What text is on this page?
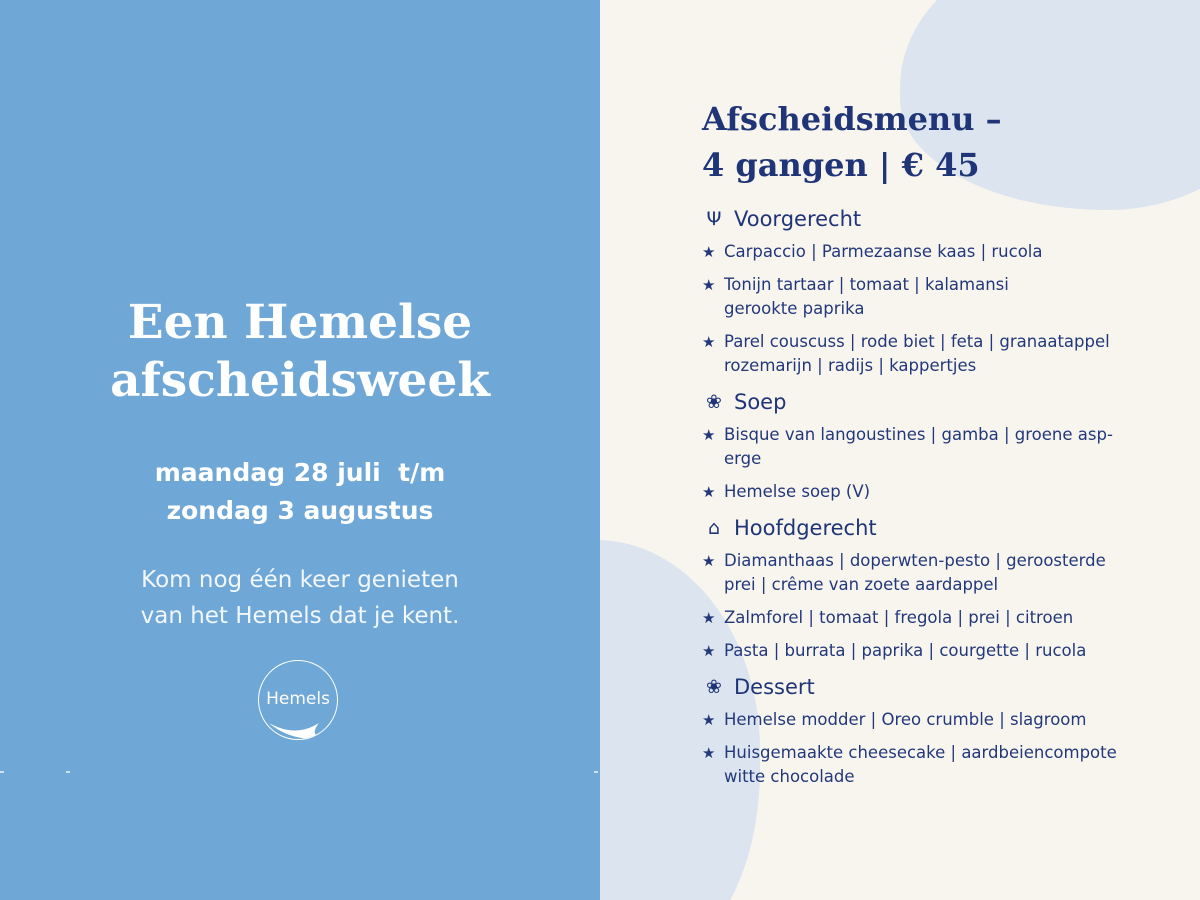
Een Hemelse
afscheidsweek
maandag 28 juli  t/m
zondag 3 augustus
Kom nog één keer genieten
van het Hemels dat je kent.
Hemels
Afscheidsmenu –
4 gangen | € 45
Ψ Voorgerecht
★ Carpaccio | Parmezaanse kaas | rucola
★ Tonijn tartaar | tomaat | kalamansi
gerookte paprika
★ Parel couscuss | rode biet | feta | granaatappel
rozemarijn | radijs | kappertjes
❀ Soep
★ Bisque van langoustines | gamba | groene asp-
erge
★ Hemelse soep (V)
⌂ Hoofdgerecht
★ Diamanthaas | doperwten-pesto | geroosterde
prei | crême van zoete aardappel
★ Zalmforel | tomaat | fregola | prei | citroen
★ Pasta | burrata | paprika | courgette | rucola
❀ Dessert
★ Hemelse modder | Oreo crumble | slagroom
★ Huisgemaakte cheesecake | aardbeiencompote
witte chocolade
